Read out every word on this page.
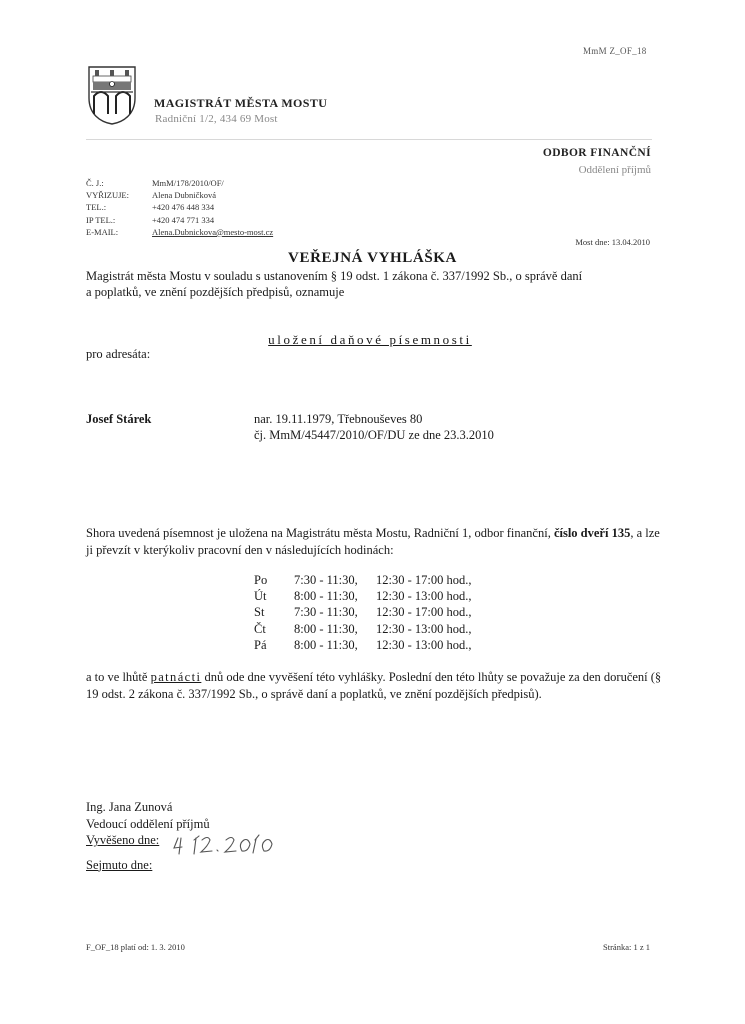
MmM Z_OF_18
MAGISTRÁT MĚSTA MOSTU
Radniční 1/2, 434 69 Most
ODBOR FINANČNÍ
Oddělení příjmů
Č. J.:	MmM/178/2010/OF/
VYŘIZUJE:	Alena Dubničková
TEL.:	+420 476 448 334
IP TEL.:	+420 474 771 334
E-MAIL:	Alena.Dubnickova@mesto-most.cz
Most dne: 13.04.2010
VEŘEJNÁ VYHLÁŠKA
Magistrát města Mostu v souladu s ustanovením § 19 odst. 1 zákona č. 337/1992 Sb., o správě daní
a poplatků, ve znění pozdějších předpisů, oznamuje
uložení daňové písemnosti
pro adresáta:
Josef Stárek	nar. 19.11.1979, Třebnouševes 80
čj. MmM/45447/2010/OF/DU ze dne 23.3.2010
Shora uvedená písemnost je uložena na Magistrátu města Mostu, Radniční 1, odbor finanční, číslo dveří 135, a lze ji převzít v kterýkoliv pracovní den v následujících hodinách:
Po	7:30 - 11:30,	12:30 - 17:00 hod.,
Út	8:00 - 11:30,	12:30 - 13:00 hod.,
St	7:30 - 11:30,	12:30 - 17:00 hod.,
Čt	8:00 - 11:30,	12:30 - 13:00 hod.,
Pá	8:00 - 11:30,	12:30 - 13:00 hod.,
a to ve lhůtě patnácti dnů ode dne vyvěšení této vyhlášky. Poslední den této lhůty se považuje za den doručení (§ 19 odst. 2 zákona č. 337/1992 Sb., o správě daní a poplatků, ve znění pozdějších předpisů).
Ing. Jana Zunová
Vedoucí oddělení příjmů
Vyvěšeno dne:
Sejmuto dne:
F_OF_18 platí od: 1. 3. 2010	Stránka: 1 z 1
